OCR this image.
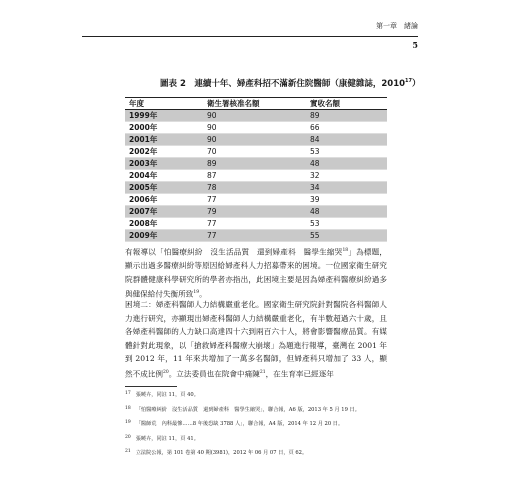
第一章　緒論
5
圖表 2　連續十年、婦產科招不滿新住院醫師（康健雜誌，2010$^{17}$）
年度	衛生署核准名額	實收名額
1999年	90	89
2000年	90	66
2001年	90	84
2002年	70	53
2003年	89	48
2004年	87	32
2005年	78	34
2006年	77	39
2007年	79	48
2008年	77	53
2009年	77	55

有報導以「怕醫療糾紛　沒生活品質　還到婦產科　醫學生縮哭$^{18}$」為標題，顯示出過多醫療糾紛等原因給婦產科人力招募帶來的困境。一位國家衛生研究院群體健康科學研究所的學者亦指出，此困境主要是因為婦產科醫療糾紛過多與健保給付失衡所致$^{19}$。

困境二：婦產科醫師人力結構嚴重老化。國家衛生研究院針對醫院各科醫師人力進行研究，亦顯現出婦產科醫師人力結構嚴重老化，有半數超過六十歲，且各婦產科醫師的人力缺口高達四十六到兩百六十人，將會影響醫療品質。有媒體針對此現象，以「搶救婦產科醫療大崩壞」為題進行報導，臺灣在 2001 年到 2012 年，11 年來共增加了一萬多名醫師，但婦產科只增加了 33 人，顯然不成比例$^{20}$。立法委員也在院會中痛陳$^{21}$，在生育率已經逐年

17 張曉卉，同註 11，頁 40。
18 「怕醫療糾紛　沒生活品質　還到婦產科　醫學生縮哭」，聯合報，A6 版，2013 年 5 月 19 日。
19 「醫師荒　內科最慘……8 年後恐缺 3788 人」，聯合報，A4 版，2014 年 12 月 20 日。
20 張曉卉，同註 11，頁 41。
21 立法院公報，第 101 卷第 40 期(3981)，2012 年 06 月 07 日，頁 62。
